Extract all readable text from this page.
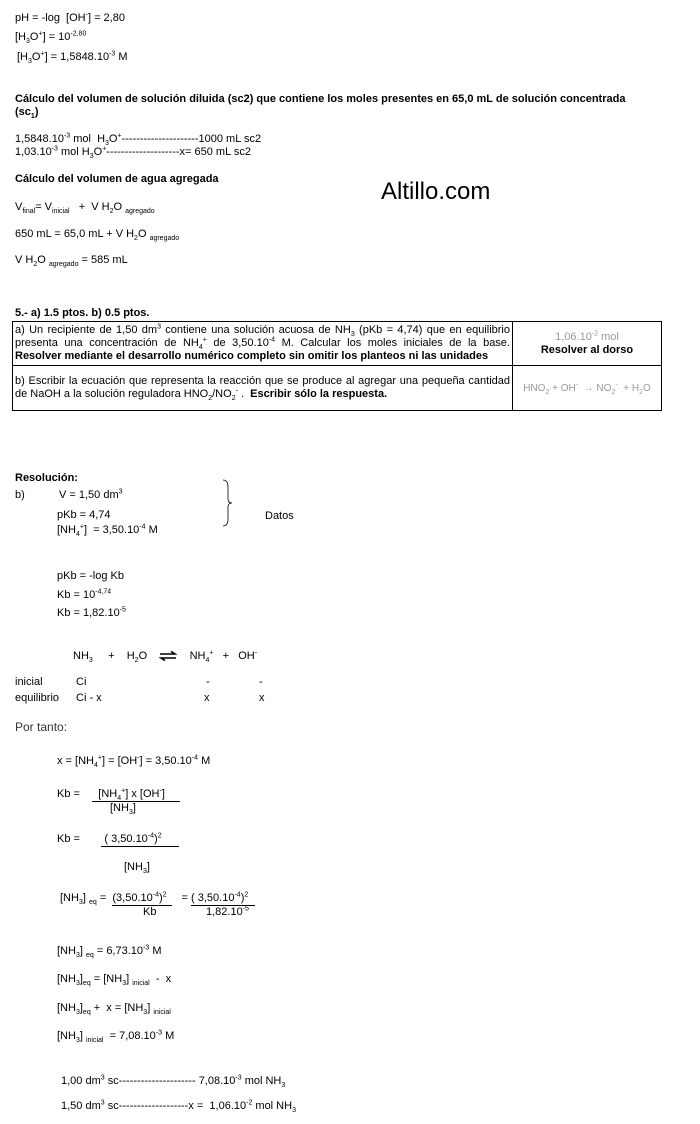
pH = -log  [OH-] = 2,80
$[H_3O^+] = 10^{-2,80}$
$[H_3O^+] = 1,5848.10^{-3}$ M
Cálculo del volumen de solución diluida (sc2) que contiene los moles presentes en 65,0 mL de solución concentrada
$(sc_1)$
$1,5848.10^{-3}$ mol  $H_3O^+---------------------1000$ mL sc2
$1,03.10^{-3}$ mol $H_3O^+--------------------x= 650$ mL sc2
Cálculo del volumen de agua agregada
$V_{final}= V_{inicial} + V$ $H_2O$ $_{agregado}$
650 mL = 65,0 mL + V $H_2O$ $_{agregado}$
V $H_2O$ $_{agregado}$ = 585 mL
Altillo.com
5.- a) 1.5 ptos. b) 0.5 ptos.
a) Un recipiente de 1,50 $dm^3$ contiene una solución acuosa de $NH_3$ (pKb = 4,74) que en equilibrio presenta una concentración de $NH_4^+$ de $3,50.10^{-4}$ M. Calcular los moles iniciales de la base. Resolver mediante el desarrollo numérico completo sin omitir los planteos ni las unidades	$1,06.10^{-2}$ mol
Resolver al dorso

b) Escribir la ecuación que representa la reacción que se produce al agregar una pequeña cantidad de NaOH a la solución reguladora $HNO_2/NO_2^-$ .  Escribir sólo la respuesta.	$HNO_2 + OH^- \to NO_2^- + H_2O$
Resolución:
b)	V = 1,50 $dm^3$
pKb = 4,74
$[NH_4^+] = 3,50.10^{-4}$ M
Datos
pKb = -log Kb
$Kb = 10^{-4,74}$
$Kb = 1,82.10^{-5}$
$NH_3$     +    $H_2O$ ⇌ $NH_4^+ + OH^-$
inicial	Ci	-	-
equilibrio Ci - x	x	x
Por tanto:
$x = [NH_4^+] = [OH^-] = 3,50.10^{-4}$ M
Kb =      $[NH_4^+]$ x [OH-]
$[NH_3]$
Kb =        ( $3,50.10^{-4})^2$
$[NH_3]$
$[NH_3] _{eq} = (3,50.10^{-4})^2$   = ( $3,50.10^{-4})^2$
Kb	$1,82.10^{-5}$
$[NH_3] _{eq} = 6,73.10^{-3}$ M
$[NH_3]_{eq} = [NH_3]$ $_{inicial}$  -  x
$[NH_3]_{eq} + x = [NH_3]$ $_{inicial}$
$[NH_3] _{inicial} = 7,08.10^{-3}$ M
1,00 $dm^3$ sc--------------------- $7,08.10^{-3}$ mol $NH_3$
1,50 $dm^3$ $sc-------------------x = 1,06.10^{-2}$ mol $NH_3$
